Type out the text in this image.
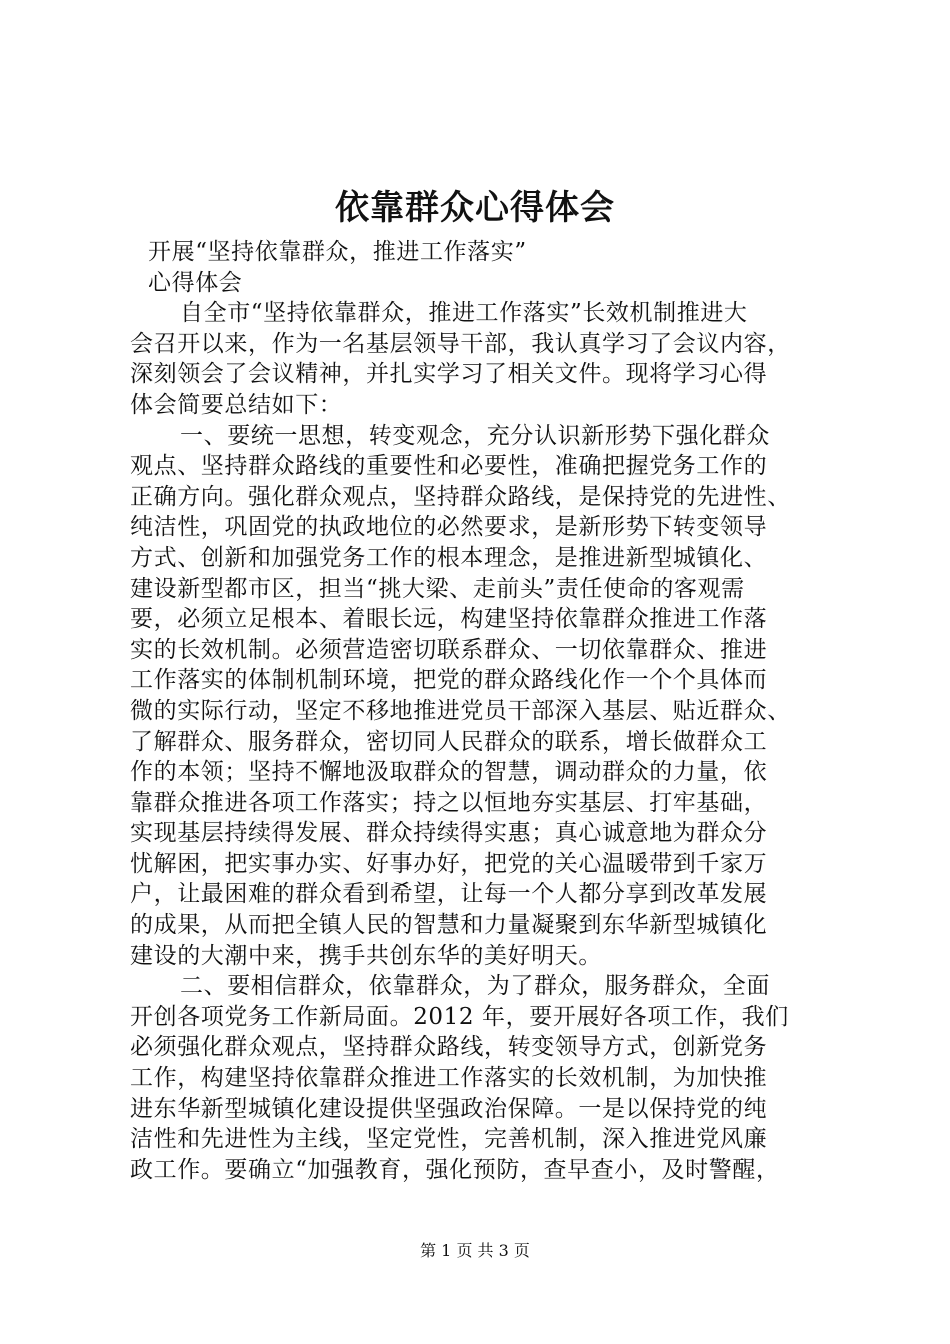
依靠群众心得体会
开展“坚持依靠群众，推进工作落实”
心得体会
自全市“坚持依靠群众，推进工作落实”长效机制推进大
会召开以来，作为一名基层领导干部，我认真学习了会议内容，
深刻领会了会议精神，并扎实学习了相关文件。现将学习心得
体会简要总结如下：
一、要统一思想，转变观念，充分认识新形势下强化群众
观点、坚持群众路线的重要性和必要性，准确把握党务工作的
正确方向。强化群众观点，坚持群众路线，是保持党的先进性、
纯洁性，巩固党的执政地位的必然要求，是新形势下转变领导
方式、创新和加强党务工作的根本理念，是推进新型城镇化、
建设新型都市区，担当“挑大梁、走前头”责任使命的客观需
要，必须立足根本、着眼长远，构建坚持依靠群众推进工作落
实的长效机制。必须营造密切联系群众、一切依靠群众、推进
工作落实的体制机制环境，把党的群众路线化作一个个具体而
微的实际行动，坚定不移地推进党员干部深入基层、贴近群众、
了解群众、服务群众，密切同人民群众的联系，增长做群众工
作的本领；坚持不懈地汲取群众的智慧，调动群众的力量，依
靠群众推进各项工作落实；持之以恒地夯实基层、打牢基础，
实现基层持续得发展、群众持续得实惠；真心诚意地为群众分
忧解困，把实事办实、好事办好，把党的关心温暖带到千家万
户，让最困难的群众看到希望，让每一个人都分享到改革发展
的成果，从而把全镇人民的智慧和力量凝聚到东华新型城镇化
建设的大潮中来，携手共创东华的美好明天。
二、要相信群众，依靠群众，为了群众，服务群众，全面
开创各项党务工作新局面。2012 年，要开展好各项工作，我们
必须强化群众观点，坚持群众路线，转变领导方式，创新党务
工作，构建坚持依靠群众推进工作落实的长效机制，为加快推
进东华新型城镇化建设提供坚强政治保障。一是以保持党的纯
洁性和先进性为主线，坚定党性，完善机制，深入推进党风廉
政工作。要确立“加强教育，强化预防，查早查小，及时警醒，
第 1 页 共 3 页
